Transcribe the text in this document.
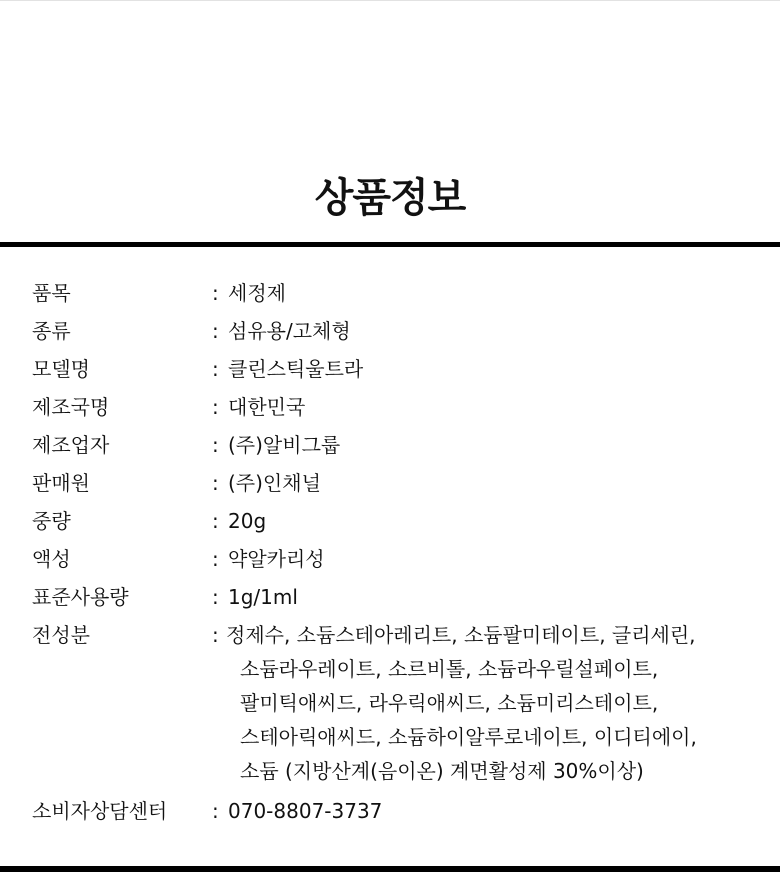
상품정보
품목	: 세정제
종류	: 섬유용/고체형
모델명	: 클린스틱울트라
제조국명	: 대한민국
제조업자	: (주)알비그룹
판매원	: (주)인채널
중량	: 20g
액성	: 약알카리성
표준사용량	: 1g/1ml
전성분	: 정제수, 소듐스테아레리트, 소듐팔미테이트, 글리세린,
소듐라우레이트, 소르비톨, 소듐라우릴설페이트,
팔미틱애씨드, 라우릭애씨드, 소듐미리스테이트,
스테아릭애씨드, 소듐하이알루로네이트, 이디티에이,
소듐 (지방산계(음이온) 계면활성제 30%이상)
소비자상담센터	: 070-8807-3737
